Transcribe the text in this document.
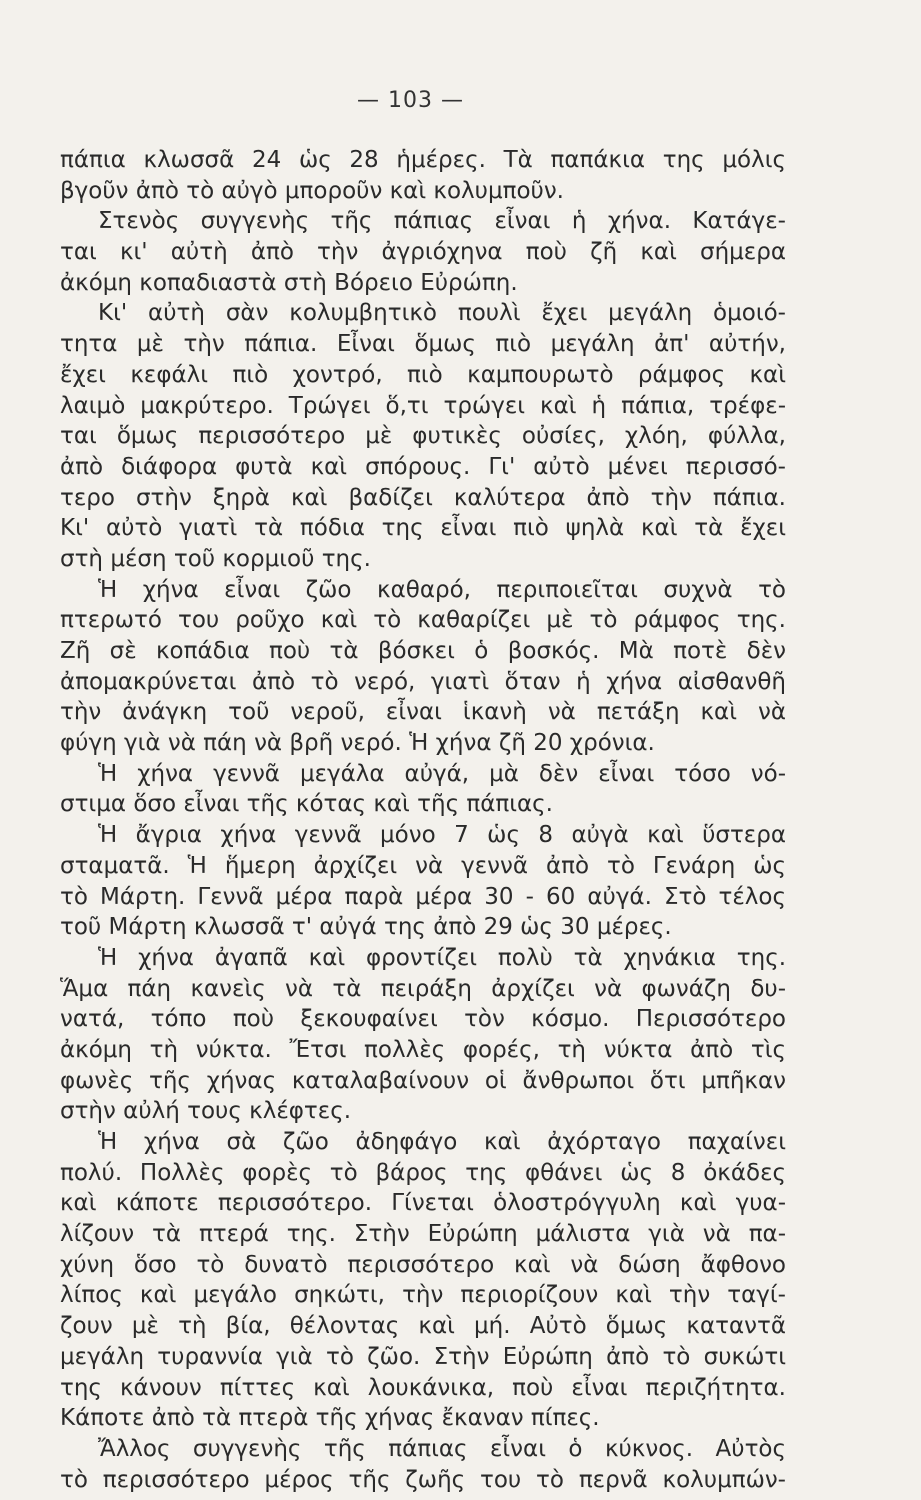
— 103 —
πάπια κλωσσᾶ 24 ὡς 28 ἡμέρες. Τὰ παπάκια της μόλις
βγοῦν ἀπὸ τὸ αὐγὸ μποροῦν καὶ κολυμποῦν.
Στενὸς συγγενὴς τῆς πάπιας εἶναι ἡ χήνα. Κατάγε-
ται κι' αὐτὴ ἀπὸ τὴν ἀγριόχηνα ποὺ ζῆ καὶ σήμερα
ἀκόμη κοπαδιαστὰ στὴ Βόρειο Εὐρώπη.
Κι' αὐτὴ σὰν κολυμβητικὸ πουλὶ ἔχει μεγάλη ὁμοιό-
τητα μὲ τὴν πάπια. Εἶναι ὅμως πιὸ μεγάλη ἀπ' αὐτήν,
ἔχει κεφάλι πιὸ χοντρό, πιὸ καμπουρωτὸ ράμφος καὶ
λαιμὸ μακρύτερο. Τρώγει ὅ,τι τρώγει καὶ ἡ πάπια, τρέφε-
ται ὅμως περισσότερο μὲ φυτικὲς οὐσίες, χλόη, φύλλα,
ἀπὸ διάφορα φυτὰ καὶ σπόρους. Γι' αὐτὸ μένει περισσό-
τερο στὴν ξηρὰ καὶ βαδίζει καλύτερα ἀπὸ τὴν πάπια.
Κι' αὐτὸ γιατὶ τὰ πόδια της εἶναι πιὸ ψηλὰ καὶ τὰ ἔχει
στὴ μέση τοῦ κορμιοῦ της.
Ἡ χήνα εἶναι ζῶο καθαρό, περιποιεῖται συχνὰ τὸ
πτερωτό του ροῦχο καὶ τὸ καθαρίζει μὲ τὸ ράμφος της.
Ζῆ σὲ κοπάδια ποὺ τὰ βόσκει ὁ βοσκός. Μὰ ποτὲ δὲν
ἀπομακρύνεται ἀπὸ τὸ νερό, γιατὶ ὅταν ἡ χήνα αἰσθανθῆ
τὴν ἀνάγκη τοῦ νεροῦ, εἶναι ἱκανὴ νὰ πετάξη καὶ νὰ
φύγη γιὰ νὰ πάη νὰ βρῆ νερό. Ἡ χήνα ζῆ 20 χρόνια.
Ἡ χήνα γεννᾶ μεγάλα αὐγά, μὰ δὲν εἶναι τόσο νό-
στιμα ὅσο εἶναι τῆς κότας καὶ τῆς πάπιας.
Ἡ ἄγρια χήνα γεννᾶ μόνο 7 ὡς 8 αὐγὰ καὶ ὕστερα
σταματᾶ. Ἡ ἥμερη ἀρχίζει νὰ γεννᾶ ἀπὸ τὸ Γενάρη ὡς
τὸ Μάρτη. Γεννᾶ μέρα παρὰ μέρα 30 - 60 αὐγά. Στὸ τέλος
τοῦ Μάρτη κλωσσᾶ τ' αὐγά της ἀπὸ 29 ὡς 30 μέρες.
Ἡ χήνα ἀγαπᾶ καὶ φροντίζει πολὺ τὰ χηνάκια της.
Ἅμα πάη κανεὶς νὰ τὰ πειράξη ἀρχίζει νὰ φωνάζη δυ-
νατά, τόπο ποὺ ξεκουφαίνει τὸν κόσμο. Περισσότερο
ἀκόμη τὴ νύκτα. Ἔτσι πολλὲς φορές, τὴ νύκτα ἀπὸ τὶς
φωνὲς τῆς χήνας καταλαβαίνουν οἱ ἄνθρωποι ὅτι μπῆκαν
στὴν αὐλή τους κλέφτες.
Ἡ χήνα σὰ ζῶο ἀδηφάγο καὶ ἀχόρταγο παχαίνει
πολύ. Πολλὲς φορὲς τὸ βάρος της φθάνει ὡς 8 ὀκάδες
καὶ κάποτε περισσότερο. Γίνεται ὁλοστρόγγυλη καὶ γυα-
λίζουν τὰ πτερά της. Στὴν Εὐρώπη μάλιστα γιὰ νὰ πα-
χύνη ὅσο τὸ δυνατὸ περισσότερο καὶ νὰ δώση ἄφθονο
λίπος καὶ μεγάλο σηκώτι, τὴν περιορίζουν καὶ τὴν ταγί-
ζουν μὲ τὴ βία, θέλοντας καὶ μή. Αὐτὸ ὅμως καταντᾶ
μεγάλη τυραννία γιὰ τὸ ζῶο. Στὴν Εὐρώπη ἀπὸ τὸ συκώτι
της κάνουν πίττες καὶ λουκάνικα, ποὺ εἶναι περιζήτητα.
Κάποτε ἀπὸ τὰ πτερὰ τῆς χήνας ἔκαναν πίπες.
Ἄλλος συγγενὴς τῆς πάπιας εἶναι ὁ κύκνος. Αὐτὸς
τὸ περισσότερο μέρος τῆς ζωῆς του τὸ περνᾶ κολυμπών-
